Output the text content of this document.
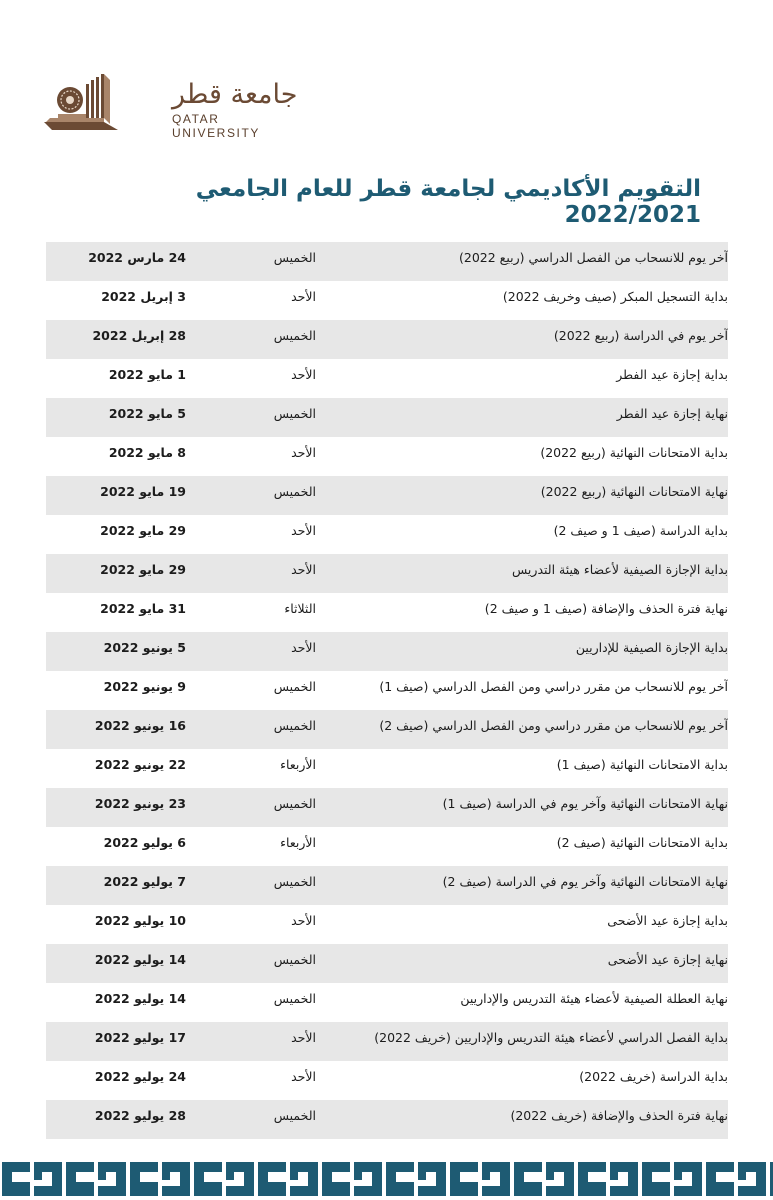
جامعة قطر
QATAR UNIVERSITY
التقويم الأكاديمي لجامعة قطر للعام الجامعي 2022/2021
آخر يوم للانسحاب من الفصل الدراسي (ربيع 2022)
الخميس
24 مارس 2022
بداية التسجيل المبكر (صيف وخريف 2022)
الأحد
3 إبريل 2022
آخر يوم في الدراسة (ربيع 2022)
الخميس
28 إبريل 2022
بداية إجازة عيد الفطر
الأحد
1 مايو 2022
نهاية إجازة عيد الفطر
الخميس
5 مايو 2022
بداية الامتحانات النهائية (ربيع 2022)
الأحد
8 مايو 2022
نهاية الامتحانات النهائية (ربيع 2022)
الخميس
19 مايو 2022
بداية الدراسة (صيف 1 و صيف 2)
الأحد
29 مايو 2022
بداية الإجازة الصيفية لأعضاء هيئة التدريس
الأحد
29 مايو 2022
نهاية فترة الحذف والإضافة (صيف 1 و صيف 2)
الثلاثاء
31 مايو 2022
بداية الإجازة الصيفية للإداريين
الأحد
5 يونيو 2022
آخر يوم للانسحاب من مقرر دراسي ومن الفصل الدراسي (صيف 1)
الخميس
9 يونيو 2022
آخر يوم للانسحاب من مقرر دراسي ومن الفصل الدراسي (صيف 2)
الخميس
16 يونيو 2022
بداية الامتحانات النهائية (صيف 1)
الأربعاء
22 يونيو 2022
نهاية الامتحانات النهائية وآخر يوم في الدراسة (صيف 1)
الخميس
23 يونيو 2022
بداية الامتحانات النهائية (صيف 2)
الأربعاء
6 يوليو 2022
نهاية الامتحانات النهائية وآخر يوم في الدراسة (صيف 2)
الخميس
7 يوليو 2022
بداية إجازة عيد الأضحى
الأحد
10 يوليو 2022
نهاية إجازة عيد الأضحى
الخميس
14 يوليو 2022
نهاية العطلة الصيفية لأعضاء هيئة التدريس والإداريين
الخميس
14 يوليو 2022
بداية الفصل الدراسي لأعضاء هيئة التدريس والإداريين (خريف 2022)
الأحد
17 يوليو 2022
بداية الدراسة (خريف 2022)
الأحد
24 يوليو 2022
نهاية فترة الحذف والإضافة (خريف 2022)
الخميس
28 يوليو 2022
